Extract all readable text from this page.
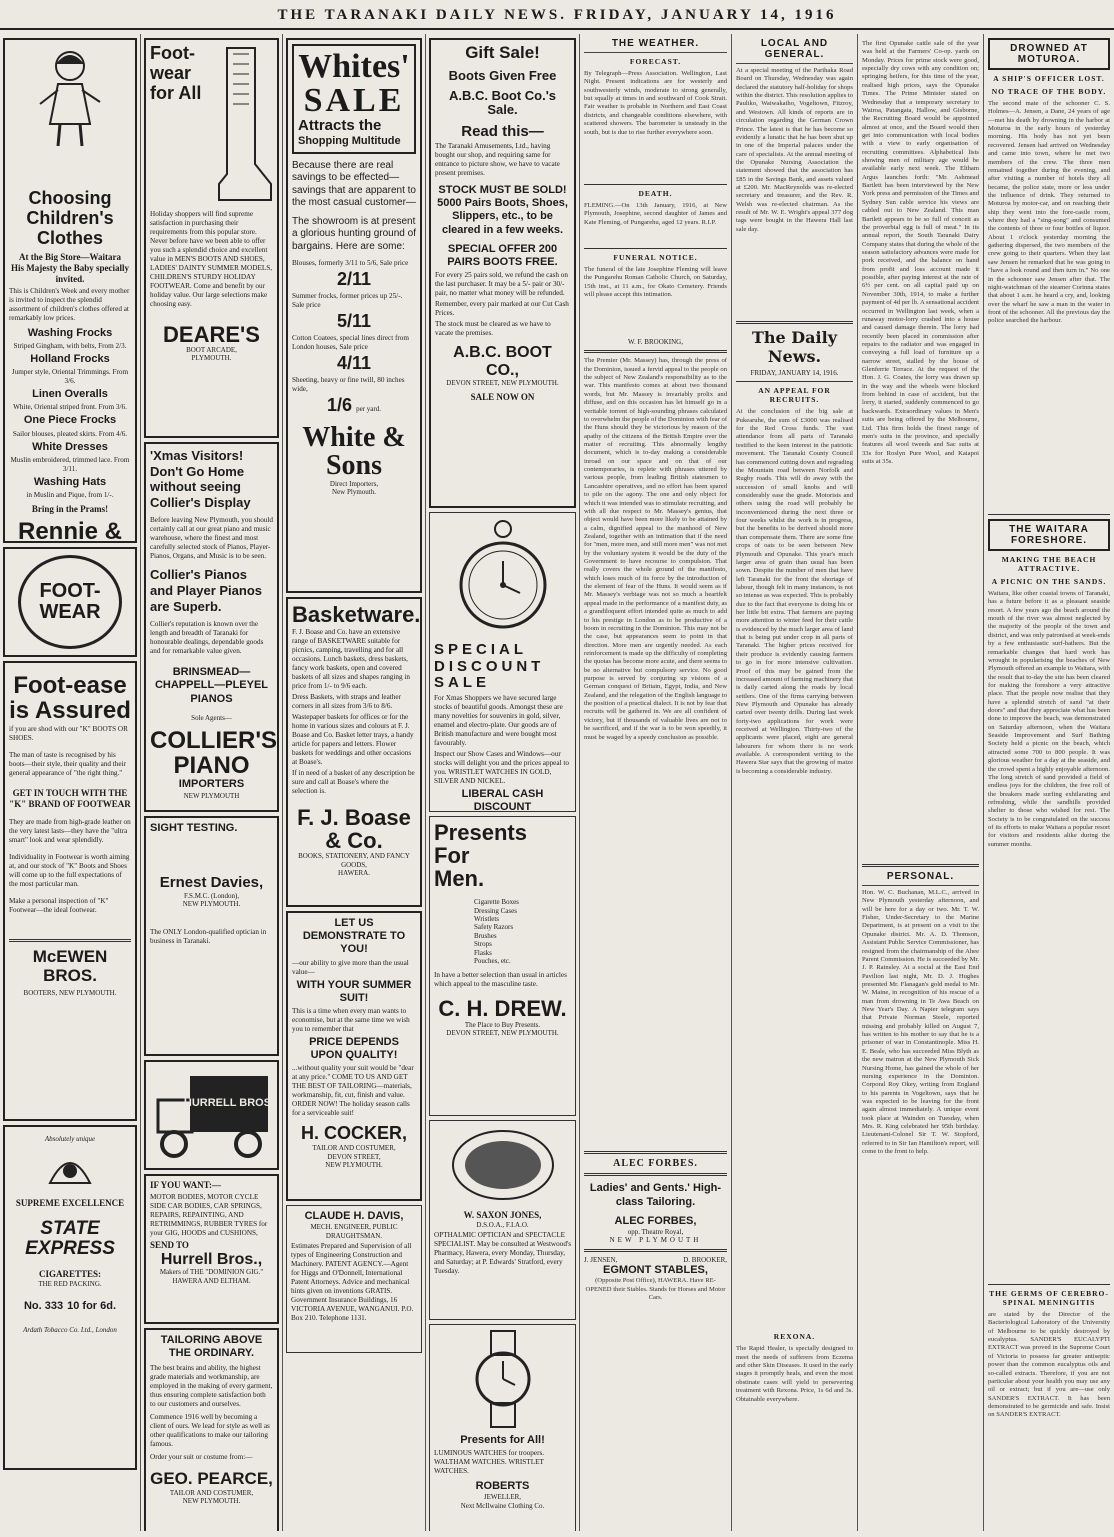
THE TARANAKI DAILY NEWS. FRIDAY, JANUARY 14, 1916
Choosing Children's Clothes
At the Big Store—Waitara
His Majesty the Baby specially invited.

This is Children's Week and every mother is invited to inspect the splendid assortment of children's clothes offered at remarkably low prices.

Washing Frocks

Striped Gingham, with belts, From 2/3.

Holland Frocks

Jumper style, Oriental Trimmings. From 3/6.

Linen Overalls

White, Oriental striped front. From 3/6.

One Piece Frocks

Sailor blouses, pleated skirts. From 4/6.

White Dresses

Muslin embroidered, trimmed lace. From 3/11.

Washing Hats

in Muslin and Pique, from 1/-.

Bring in the Prams!
Rennie &
FOOT-WEAR
Foot-ease
is Assured

if you are shod with our "K" BOOTS OR SHOES.

The man of taste is recognised by his boots—their style, their quality and their general appearance of "the right thing."

GET IN TOUCH WITH THE "K" BRAND OF FOOTWEAR

They are made from high-grade leather on the very latest lasts—they have the "ultra smart" look and wear splendidly.

Individuality in Footwear is worth aiming at, and our stock of "K" Boots and Shoes will come up to the full expectations of the most particular man.

Make a personal inspection of "K" Footwear—the ideal footwear.

McEWEN BROS.
BOOTERS, NEW PLYMOUTH.
Absolutely unique
SUPREME EXCELLENCE
STATE EXPRESS
CIGARETTES:
THE RED PACKING.
No. 333 10 for 6d.
Ardath Tobacco Co. Ltd., London
Foot-
wear
for All

Holiday shoppers will find supreme satisfaction in purchasing their requirements from this popular store. Never before have we been able to offer you such a splendid choice and excellent value in MEN'S BOOTS AND SHOES, LADIES' DAINTY SUMMER MODELS, CHILDREN'S STURDY HOLIDAY FOOTWEAR. Come and benefit by our holiday value. Our large selections make choosing easy.

DEARE'S
BOOT ARCADE,
PLYMOUTH.
'Xmas Visitors! Don't Go Home without seeing Collier's Display

Before leaving New Plymouth, you should certainly call at our great piano and music warehouse, where the finest and most carefully selected stock of Pianos, Player-Pianos, Organs, and Music is to be seen.

Collier's Pianos and Player Pianos are Superb.

Collier's reputation is known over the length and breadth of Taranaki for honourable dealings, dependable goods and for remarkable value given.

BRINSMEAD—CHAPPELL—PLEYEL PIANOS
Sole Agents—
COLLIER'S PIANO
IMPORTERS
NEW PLYMOUTH
SIGHT TESTING.
Ernest Davies,
F.S.M.C. (London),
NEW PLYMOUTH.

The ONLY London-qualified optician in business in Taranaki.

HURRELL BROS.
IF YOU WANT:—

MOTOR BODIES, MOTOR CYCLE SIDE CAR BODIES, CAR SPRINGS, REPAIRS, REPAINTING, AND RETRIMMINGS, RUBBER TYRES for your GIG, HOODS and CUSHIONS,

SEND TO
Hurrell Bros.,
Makers of THE "DOMINION GIG."
HAWERA AND ELTHAM.
TAILORING ABOVE THE ORDINARY.

The best brains and ability, the highest grade materials and workmanship, are employed in the making of every garment, thus ensuring complete satisfaction both to our customers and ourselves.

Commence 1916 well by becoming a client of ours. We lead for style as well as other qualifications to make our tailoring famous.

Order your suit or costume from:—

GEO. PEARCE,
TAILOR AND COSTUMER,
NEW PLYMOUTH.
Whites'
SALE
Attracts the
Shopping Multitude

Because there are real savings to be effected—savings that are apparent to the most casual customer—

The showroom is at present a glorious hunting ground of bargains. Here are some:

Blouses, formerly 3/11 to 5/6, Sale price

2/11

Summer frocks, former prices up 25/-. Sale price

5/11

Cotton Coatees, special lines direct from London houses, Sale price

4/11

Sheeting, heavy or fine twill, 80 inches wide,

1/6 per yard.
White & Sons
Direct Importers,
New Plymouth.
Basketware.

F. J. Boase and Co. have an extensive range of BASKETWARE suitable for picnics, camping, travelling and for all occasions. Lunch baskets, dress baskets, fancy work baskets, open and covered baskets of all sizes and shapes ranging in price from 1/- to 9/6 each.

Dress Baskets, with straps and leather corners in all sizes from 3/6 to 8/6.

Wastepaper baskets for offices or for the home in various sizes and colours at F. J. Boase and Co. Basket letter trays, a handy article for papers and letters. Flower baskets for weddings and other occasions at Boase's.

If in need of a basket of any description be sure and call at Boase's where the selection is.

F. J. Boase & Co.
BOOKS, STATIONERY, AND FANCY GOODS,
HAWERA.
LET US DEMONSTRATE TO YOU!

—our ability to give more than the usual value—

WITH YOUR SUMMER SUIT!

This is a time when every man wants to economise, but at the same time we wish you to remember that

PRICE DEPENDS UPON QUALITY!

...without quality your suit would be "dear at any price." COME TO US AND GET THE BEST OF TAILORING—materials, workmanship, fit, cut, finish and value. ORDER NOW! The holiday season calls for a serviceable suit!

H. COCKER,
TAILOR AND COSTUMER,
DEVON STREET,
NEW PLYMOUTH.
CLAUDE H. DAVIS,
MECH. ENGINEER, PUBLIC DRAUGHTSMAN.

Estimates Prepared and Supervision of all types of Engineering Construction and Machinery. PATENT AGENCY.—Agent for Higgs and O'Donnell, International Patent Attorneys. Advice and mechanical hints given on inventions GRATIS. Government Insurance Buildings, 16 VICTORIA AVENUE, WANGANUI. P.O. Box 210. Telephone 1131.

Gift Sale!
Boots Given Free
A.B.C. Boot Co.'s Sale.
Read this—

The Taranaki Amusements, Ltd., having bought our shop, and requiring same for entrance to picture show, we have to vacate present premises.

STOCK MUST BE SOLD! 5000 Pairs Boots, Shoes, Slippers, etc., to be cleared in a few weeks.
SPECIAL OFFER 200 PAIRS BOOTS FREE.

For every 25 pairs sold, we refund the cash on the last purchaser. It may be a 5/- pair or 30/- pair, no matter what money will be refunded.

Remember, every pair marked at our Cut Cash Prices.

The stock must be cleared as we have to vacate the premises.

A.B.C. BOOT CO.,
DEVON STREET, NEW PLYMOUTH.
SALE NOW ON
SPECIAL DISCOUNT SALE

For Xmas Shoppers we have secured large stocks of beautiful goods. Amongst these are many novelties for souvenirs in gold, silver, enamel and electro-plate. Our goods are of British manufacture and were bought most favourably.

Inspect our Show Cases and Windows—our stocks will delight you and the prices appeal to you. WRISTLET WATCHES IN GOLD, SILVER AND NICKEL.

LIBERAL CASH DISCOUNT
Presents
For
Men.
Cigarette Boxes
Dressing Cases
Wristlets
Safety Razors
Brushes
Strops
Flasks
Pouches, etc.

In have a better selection than usual in articles which appeal to the masculine taste.

C. H. DREW.
The Place to Buy Presents.
DEVON STREET, NEW PLYMOUTH.
W. SAXON JONES,
D.S.O.A., F.I.A.O.

OPTHALMIC OPTICIAN and SPECTACLE SPECIALIST. May be consulted at Westwood's Pharmacy, Hawera, every Monday, Thursday, and Saturday; at P. Edwards' Stratford, every Tuesday.

Presents for All!

LUMINOUS WATCHES for troopers. WALTHAM WATCHES. WRISTLET WATCHES.

ROBERTS
JEWELLER,
Next McIlwaine Clothing Co.
THE WEATHER.
FORECAST.
By Telegraph—Press Association. Wellington, Last Night. Present indications are for westerly and southwesterly winds, moderate to strong generally, but squally at times in and southward of Cook Strait. Fair weather is probable in Northern and East Coast districts, and changeable conditions elsewhere, with scattered showers. The barometer is unsteady in the south, but is due to rise further everywhere soon.
DEATH.
FLEMING.—On 13th January, 1916, at New Plymouth, Josephine, second daughter of James and Kate Fleming, of Pungarehu, aged 12 years. R.I.P.
FUNERAL NOTICE.
The funeral of the late Josephine Fleming will leave the Pungarehu Roman Catholic Church, on Saturday, 15th inst., at 11 a.m., for Okato Cemetery. Friends will please accept this intimation.
W. F. BROOKING,
The Premier (Mr. Massey) has, through the press of the Dominion, issued a fervid appeal to the people on the subject of New Zealand's responsibility as to the war. This manifesto comes at about two thousand words, but Mr. Massey is invariably prolix and diffuse, and on this occasion has let himself go in a veritable torrent of high-sounding phrases calculated to overwhelm the people of the Dominion with fear of the Huns should they be victorious by reason of the apathy of the citizens of the British Empire over the matter of recruiting. This abnormally lengthy document, which is to-day making a considerable inroad on our space and on that of our contemporaries, is replete with phrases uttered by various people, from leading British statesmen to Lancashire operatives, and no effort has been spared to pile on the agony. The one and only object for which it was intended was to stimulate recruiting, and with all due respect to Mr. Massey's genius, that object would have been more likely to be attained by a calm, dignified appeal to the manhood of New Zealand, together with an intimation that if the need for "men, more men, and still more men" was not met by the voluntary system it would be the duty of the Government to have recourse to compulsion. That really covers the whole ground of the manifesto, which loses much of its force by the introduction of the element of fear of the Huns. It would seem as if Mr. Massey's verbiage was not so much a heartfelt appeal made in the performance of a manifest duty, as a grandiloquent effort intended quite as much to add to his prestige in London as to be productive of a boom in recruiting in the Dominion. This may not be the case, but appearances seem to point in that direction. More men are urgently needed. As each reinforcement is made up the difficulty of completing the quotas has become more acute, and there seems to be no alternative but compulsory service. No good purpose is served by conjuring up visions of a German conquest of Britain, Egypt, India, and New Zealand, and the relegation of the English language to the position of a practical dialect. It is not by fear that recruits will be gathered in. We are all confident of victory, but if thousands of valuable lives are not to be sacrificed, and if the war is to be won speedily, it must be waged by a speedy conclusion as possible.
ALEC FORBES.
Ladies' and Gents.' High-class Tailoring.
ALEC FORBES,
opp. Theatre Royal,
NEW PLYMOUTH
J. JENSEN,	D. BROOKER,
EGMONT STABLES,
(Opposite Post Office), HAWERA. Have RE-OPENED their Stables. Stands for Horses and Motor Cars.
LOCAL AND GENERAL.
At a special meeting of the Parihaka Road Board on Thursday, Wednesday was again declared the statutory half-holiday for shops within the district. This resolution applies to Pauliko, Waiwakaiho, Vogeltown, Fitzroy, and Westown. All kinds of reports are in circulation regarding the German Crown Prince. The latest is that he has become so evidently a lunatic that he has been shut up in one of the Imperial palaces under the care of specialists. At the annual meeting of the Opunake Nursing Association the statement showed that the association has £85 in the Savings Bank, and assets valued at £200. Mr. MacReynolds was re-elected secretary and treasurer, and the Rev. R. Welsh was re-elected chairman. As the result of Mr. W. E. Wright's appeal 377 dog tags were bought in the Hawera Hall last sale day.
The Daily News.
FRIDAY, JANUARY 14, 1916.
AN APPEAL FOR RECRUITS.
At the conclusion of the big sale at Pukearuhe, the sum of £3000 was realised for the Red Cross funds. The vast attendance from all parts of Taranaki testified to the keen interest in the patriotic movement. The Taranaki County Council has commenced cutting down and regrading the Mountain road between Norfolk and Rugby roads. This will do away with the succession of small knobs and will considerably ease the grade. Motorists and others using the road will probably be inconvenienced during the next three or four weeks whilst the work is in progress, but the benefits to be derived should more than compensate them. There are some fine crops of oats to be seen between New Plymouth and Opunake. This year's much larger area of grain than usual has been sown. Despite the number of men that have left Taranaki for the front the shortage of labour, though felt in many instances, is not so intense as was expected. This is probably due to the fact that everyone is doing his or her little bit extra. That farmers are paying more attention to winter feed for their cattle is evidenced by the much larger area of land that is being put under crop in all parts of Taranaki. The higher prices received for their produce is evidently causing farmers to go in for more intensive cultivation. Proof of this may be gained from the increased amount of farming machinery that is daily carted along the roads by local settlers. One of the firms carrying between New Plymouth and Opunake has already carted over twenty drills. During last week forty-two applications for work were received at Wellington. Thirty-two of the applicants were placed, eight are general labourers for whom there is no work available. A correspondent writing to the Hawera Star says that the growing of maize is becoming a considerable industry.
REXONA.
The Rapid Healer, is specially designed to meet the needs of sufferers from Eczema and other Skin Diseases. It used in the early stages it promptly heals, and even the most obstinate cases will yield to persevering treatment with Rexona. Price, 1s 6d and 3s. Obtainable everywhere.
The first Opunake cattle sale of the year was held at the Farmers' Co-op. yards on Monday. Prices for prime stock were good, especially dry cows with any condition on; springing heifers, for this time of the year, realised high prices, says the Opunake Times. The Prime Minister stated on Wednesday that a temporary secretary to Wairoa, Patangata, Hallow, and Gisborne, the Recruiting Board would be appointed almost at once, and the Board would then get into communication with local bodies with a view to early organisation of recruiting committees. Alphabetical lists showing men of military age would be available early next week. The Eltham Argus launches forth: "Mr. Ashmead Bartlett has been interviewed by the New York press and permission of the Times and Sydney Sun cable service his views are cabled out to New Zealand. This man Bartlett appears to be so full of conceit as the proverbial egg is full of meat." In its annual report, the South Taranaki Dairy Company states that during the whole of the season satisfactory advances were made for pork received, and the balance on hand from profit and loss account made it possible, after paying interest at the rate of 6½ per cent. on all capital paid up on November 30th, 1914, to make a further payment of 4d per lb. A sensational accident occurred in Wellington last week, when a runaway motor-lorry crashed into a house and caused damage therein. The lorry had recently been placed in commission after repairs to the radiator and was engaged in conveying a full load of furniture up a narrow street, stalled by the house of Glenferrie Terrace. At the request of the Hon. J. G. Coates, the lorry was drawn up in the way and the wheels were blocked from behind in case of accident, but the lorry, it started, suddenly commenced to go backwards. Extraordinary values in Men's suits are being offered by the Melbourne, Ltd. This firm holds the finest range of men's suits in the province, and specially features all wool tweeds and Sac suits at 33s for Roslyn Pure Wool, and Kaiapoi suits at 35s.
PERSONAL.
Hon. W. C. Buchanan, M.L.C., arrived in New Plymouth yesterday afternoon, and will be here for a day or two. Mr. T. W. Fisher, Under-Secretary to the Marine Department, is at present on a visit to the Opunake district. Mr. A. D. Thomson, Assistant Public Service Commissioner, has resigned from the chairmanship of the Ahee Parent Commission. He is succeeded by Mr. J. P. Rainsley. At a social at the East End Pavilion last night, Mr. D. J. Hughes presented Mr. Flanagan's gold medal to Mr. W. Maine, in recognition of his rescue of a man from drowning in Te Awa Beach on New Year's Day. A Napier telegram says that Private Norman Steele, reported missing and probably killed on August 7, has written to his mother to say that he is a prisoner of war in Constantinople. Miss H. E. Beale, who has succeeded Miss Blyth as the new matron at the New Plymouth Sick Nursing Home, has gained the whole of her nursing experience in the Dominion. Corporal Roy Okey, writing from England to his parents in Vogeltown, says that he was expected to be leaving for the front again almost immediately. A unique event took place at Wainden on Tuesday, when Mrs. R. King celebrated her 95th birthday. Lieutenant-Colonel Sir T. W. Stopford, referred to in Sir Ian Hamilton's report, will come to the front to help.
DROWNED AT MOTUROA.
A SHIP'S OFFICER LOST.
NO TRACE OF THE BODY.
The second mate of the schooner C. S. Holmes—A. Jensen, a Dane, 24 years of age—met his death by drowning in the harbor at Moturoa in the early hours of yesterday morning. His body has not yet been recovered. Jensen had arrived on Wednesday and came into town, where he met two members of the crew. The three men remained together during the evening, and after visiting a number of hotels they all became, the police state, more or less under the influence of drink. They returned to Moturoa by motor-car, and on reaching their ship they went into the fore-castle room, where they had a "sing-song" and consumed the contents of three or four bottles of liquor. About 1 o'clock yesterday morning the gathering dispersed, the two members of the crew going to their quarters. When they last saw Jensen he remarked that he was going to "have a look round and then turn in." No one in the schooner saw Jensen after that. The night-watchman of the steamer Corinna states that about 1 a.m. he heard a cry, and, looking over the wharf he saw a man in the water in front of the schooner. All the previous day the police searched the harbour.
THE WAITARA FORESHORE.
MAKING THE BEACH ATTRACTIVE.
A PICNIC ON THE SANDS.
Waitara, like other coastal towns of Taranaki, has a future before it as a pleasant seaside resort. A few years ago the beach around the mouth of the river was almost neglected by the majority of the people of the town and district, and was only patronised at week-ends by a few enthusiastic surf-bathers. But the remarkable changes that hard work has wrought in popularising the beaches of New Plymouth offered an example to Waitara, with the result that to-day the site has been cleared for making the foreshore a very attractive place. That the people now realise that they have a splendid stretch of sand "at their doors" and that they appreciate what has been done to improve the beach, was demonstrated on Saturday afternoon, when the Waitara Seaside Improvement and Surf Bathing Society held a picnic on the beach, which attracted some 700 to 800 people. It was glorious weather for a day at the seaside, and the crowd spent a highly enjoyable afternoon. The long stretch of sand provided a field of endless joys for the children, the free roll of the breakers made surfing exhilarating and refreshing, while the sandhills provided shelter to those who wished for rest. The Society is to be congratulated on the success of its efforts to make Waitara a popular resort for visitors and residents alike during the summer months.
THE GERMS OF CEREBRO-SPINAL MENINGITIS
are stated by the Director of the Bacteriological Laboratory of the University of Melbourne to be quickly destroyed by eucalyptus. SANDER'S EUCALYPTI EXTRACT was proved in the Supreme Court of Victoria to possess far greater antiseptic power than the common eucalyptus oils and so-called extracts. Therefore, if you are not particular about your health you may use any oil or extract; but if you are—use only SANDER'S EXTRACT. It has been demonstrated to be germicide and safe. Insist on SANDER'S EXTRACT.
